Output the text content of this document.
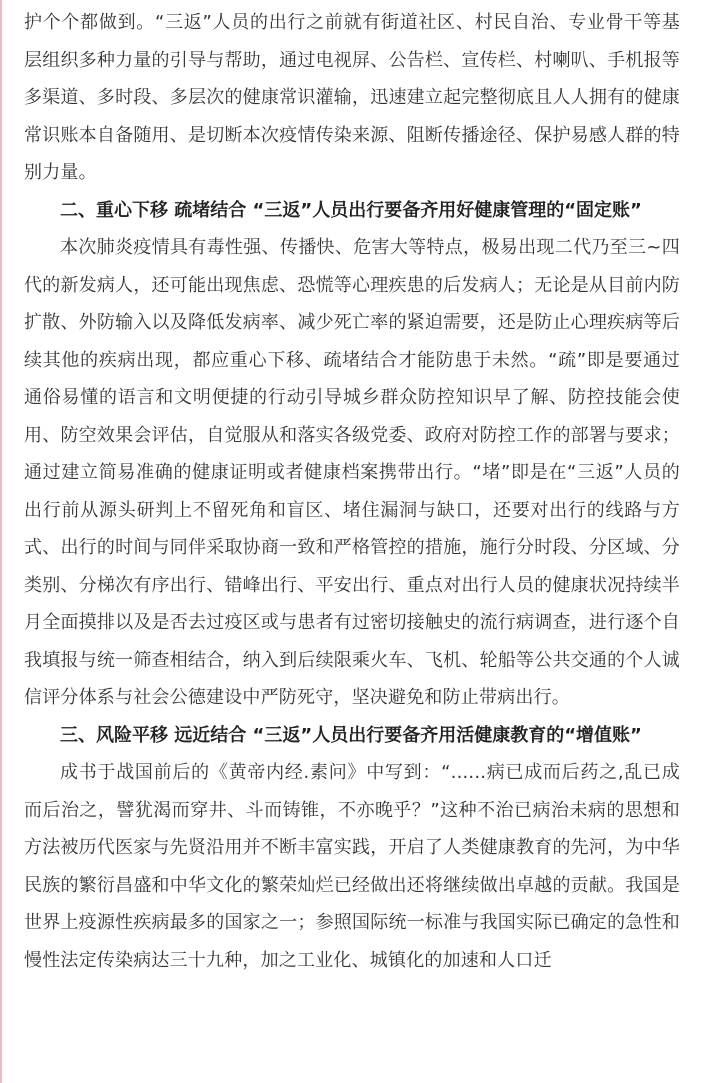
护个个都做到。“三返”人员的出行之前就有街道社区、村民自治、专业骨干等基层组织多种力量的引导与帮助，通过电视屏、公告栏、宣传栏、村喇叭、手机报等多渠道、多时段、多层次的健康常识灌输，迅速建立起完整彻底且人人拥有的健康常识账本自备随用、是切断本次疫情传染来源、阻断传播途径、保护易感人群的特别力量。

二、重心下移 疏堵结合 “三返”人员出行要备齐用好健康管理的“固定账”

本次肺炎疫情具有毒性强、传播快、危害大等特点，极易出现二代乃至三~四代的新发病人，还可能出现焦虑、恐慌等心理疾患的后发病人；无论是从目前内防扩散、外防输入以及降低发病率、减少死亡率的紧迫需要，还是防止心理疾病等后续其他的疾病出现，都应重心下移、疏堵结合才能防患于未然。“疏”即是要通过通俗易懂的语言和文明便捷的行动引导城乡群众防控知识早了解、防控技能会使用、防空效果会评估，自觉服从和落实各级党委、政府对防控工作的部署与要求；通过建立简易准确的健康证明或者健康档案携带出行。“堵”即是在“三返”人员的出行前从源头研判上不留死角和盲区、堵住漏洞与缺口，还要对出行的线路与方式、出行的时间与同伴采取协商一致和严格管控的措施，施行分时段、分区域、分类别、分梯次有序出行、错峰出行、平安出行、重点对出行人员的健康状况持续半月全面摸排以及是否去过疫区或与患者有过密切接触史的流行病调查，进行逐个自我填报与统一筛查相结合，纳入到后续限乘火车、飞机、轮船等公共交通的个人诚信评分体系与社会公德建设中严防死守，坚决避免和防止带病出行。

三、风险平移 远近结合 “三返”人员出行要备齐用活健康教育的“增值账”

成书于战国前后的《黄帝内经.素问》中写到：“......病已成而后药之,乱已成而后治之，譬犹渴而穿井、斗而铸锥，不亦晚乎？”这种不治已病治未病的思想和方法被历代医家与先贤沿用并不断丰富实践，开启了人类健康教育的先河，为中华民族的繁衍昌盛和中华文化的繁荣灿烂已经做出还将继续做出卓越的贡献。我国是世界上疫源性疾病最多的国家之一；参照国际统一标准与我国实际已确定的急性和慢性法定传染病达三十九种，加之工业化、城镇化的加速和人口迁
